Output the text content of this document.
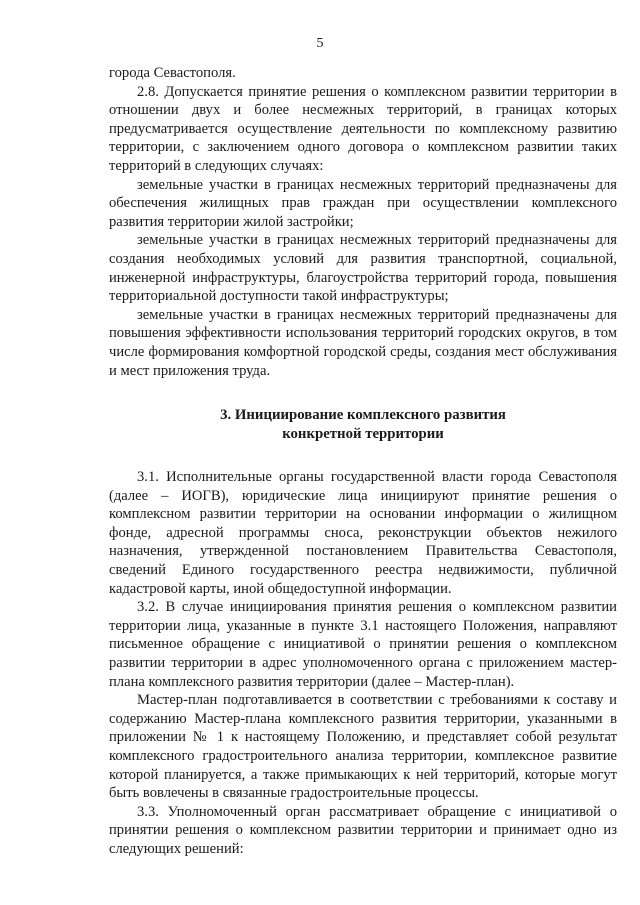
5

города Севастополя.

2.8. Допускается принятие решения о комплексном развитии территории в отношении двух и более несмежных территорий, в границах которых предусматривается осуществление деятельности по комплексному развитию территории, с заключением одного договора о комплексном развитии таких территорий в следующих случаях:

земельные участки в границах несмежных территорий предназначены для обеспечения жилищных прав граждан при осуществлении комплексного развития территории жилой застройки;

земельные участки в границах несмежных территорий предназначены для создания необходимых условий для развития транспортной, социальной, инженерной инфраструктуры, благоустройства территорий города, повышения территориальной доступности такой инфраструктуры;

земельные участки в границах несмежных территорий предназначены для повышения эффективности использования территорий городских округов, в том числе формирования комфортной городской среды, создания мест обслуживания и мест приложения труда.

3. Инициирование комплексного развития
конкретной территории

3.1. Исполнительные органы государственной власти города Севастополя (далее – ИОГВ), юридические лица инициируют принятие решения о комплексном развитии территории на основании информации о жилищном фонде, адресной программы сноса, реконструкции объектов нежилого назначения, утвержденной постановлением Правительства Севастополя, сведений Единого государственного реестра недвижимости, публичной кадастровой карты, иной общедоступной информации.

3.2. В случае инициирования принятия решения о комплексном развитии территории лица, указанные в пункте 3.1 настоящего Положения, направляют письменное обращение с инициативой о принятии решения о комплексном развитии территории в адрес уполномоченного органа с приложением мастер-плана комплексного развития территории (далее – Мастер-план).

Мастер-план подготавливается в соответствии с требованиями к составу и содержанию Мастер-плана комплексного развития территории, указанными в приложении № 1 к настоящему Положению, и представляет собой результат комплексного градостроительного анализа территории, комплексное развитие которой планируется, а также примыкающих к ней территорий, которые могут быть вовлечены в связанные градостроительные процессы.

3.3. Уполномоченный орган рассматривает обращение с инициативой о принятии решения о комплексном развитии территории и принимает одно из следующих решений:
